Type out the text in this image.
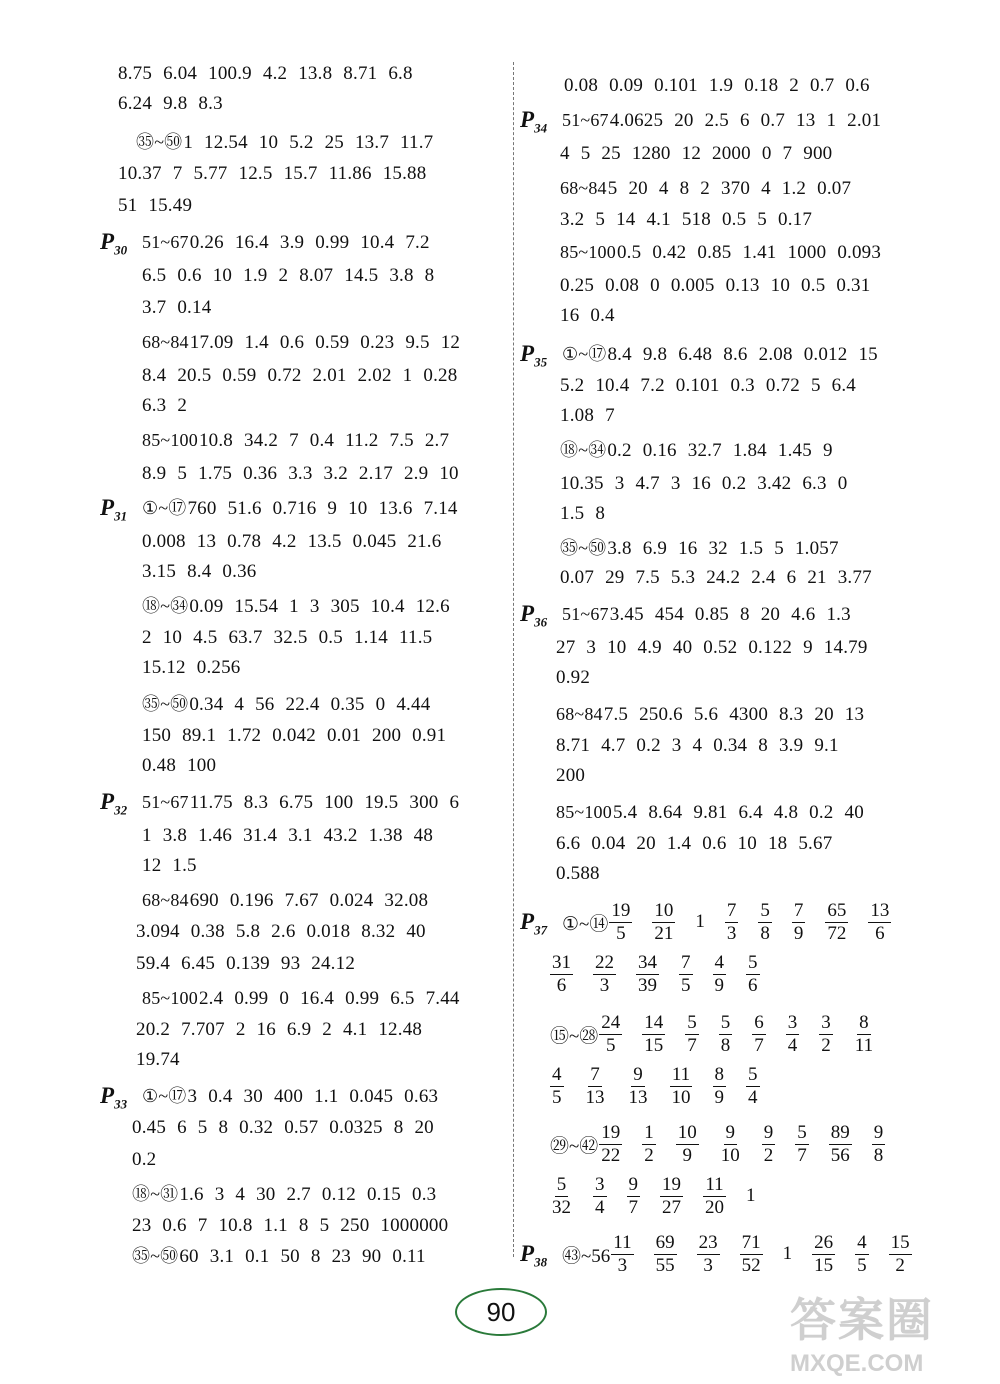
8.75 6.04 100.9 4.2 13.8 8.71 6.8
6.24 9.8 8.3
㉟~㊿1 12.54 10 5.2 25 13.7 11.7
10.37 7 5.77 12.5 15.7 11.86 15.88
51 15.49
$P_{30}$ 51~670.26 16.4 3.9 0.99 10.4 7.2
6.5 0.6 10 1.9 2 8.07 14.5 3.8 8
3.7 0.14
68~8417.09 1.4 0.6 0.59 0.23 9.5 12
8.4 20.5 0.59 0.72 2.01 2.02 1 0.28
6.3 2
85~10010.8 34.2 7 0.4 11.2 7.5 2.7
8.9 5 1.75 0.36 3.3 3.2 2.17 2.9 10
$P_{31}$ ①~⑰760 51.6 0.716 9 10 13.6 7.14
0.008 13 0.78 4.2 13.5 0.045 21.6
3.15 8.4 0.36
⑱~㉞0.09 15.54 1 3 305 10.4 12.6
2 10 4.5 63.7 32.5 0.5 1.14 11.5
15.12 0.256
㉟~㊿0.34 4 56 22.4 0.35 0 4.44
150 89.1 1.72 0.042 0.01 200 0.91
0.48 100
$P_{32}$ 51~6711.75 8.3 6.75 100 19.5 300 6
1 3.8 1.46 31.4 3.1 43.2 1.38 48
12 1.5
68~84690 0.196 7.67 0.024 32.08
3.094 0.38 5.8 2.6 0.018 8.32 40
59.4 6.45 0.139 93 24.12
85~1002.4 0.99 0 16.4 0.99 6.5 7.44
20.2 7.707 2 16 6.9 2 4.1 12.48
19.74
$P_{33}$ ①~⑰3 0.4 30 400 1.1 0.045 0.63
0.45 6 5 8 0.32 0.57 0.0325 8 20
0.2
⑱~㉛1.6 3 4 30 2.7 0.12 0.15 0.3
23 0.6 7 10.8 1.1 8 5 250 1000000
㉟~㊿60 3.1 0.1 50 8 23 90 0.11
0.08 0.09 0.101 1.9 0.18 2 0.7 0.6
$P_{34}$ 51~674.0625 20 2.5 6 0.7 13 1 2.01
4 5 25 1280 12 2000 0 7 900
68~845 20 4 8 2 370 4 1.2 0.07
3.2 5 14 4.1 518 0.5 5 0.17
85~1000.5 0.42 0.85 1.41 1000 0.093
0.25 0.08 0 0.005 0.13 10 0.5 0.31
16 0.4
$P_{35}$ ①~⑰8.4 9.8 6.48 8.6 2.08 0.012 15
5.2 10.4 7.2 0.101 0.3 0.72 5 6.4
1.08 7
⑱~㉞0.2 0.16 32.7 1.84 1.45 9
10.35 3 4.7 3 16 0.2 3.42 6.3 0
1.5 8
㉟~㊿3.8 6.9 16 32 1.5 5 1.057
0.07 29 7.5 5.3 24.2 2.4 6 21 3.77
$P_{36}$ 51~673.45 454 0.85 8 20 4.6 1.3
27 3 10 4.9 40 0.52 0.122 9 14.79
0.92
68~847.5 250.6 5.6 4300 8.3 20 13
8.71 4.7 0.2 3 4 0.34 8 3.9 9.1
200
85~1005.4 8.64 9.81 6.4 4.8 0.2 40
6.6 0.04 20 1.4 0.6 10 18 5.67
0.588
$P_{37}$ ①~⑭ $\frac{19}{5} \frac{10}{21} 1 \frac{7}{3} \frac{5}{8} \frac{7}{9} \frac{65}{72} \frac{13}{6}$
$\frac{31}{6} \frac{22}{3} \frac{34}{39} \frac{7}{5} \frac{4}{9} \frac{5}{6}$
⑮~㉘ $\frac{24}{5} \frac{14}{15} \frac{5}{7} \frac{5}{8} \frac{6}{7} \frac{3}{4} \frac{3}{2} \frac{8}{11}$
$\frac{4}{5} \frac{7}{13} \frac{9}{13} \frac{11}{10} \frac{8}{9} \frac{5}{4}$
㉙~㊷ $\frac{19}{22} \frac{1}{2} \frac{10}{9} \frac{9}{10} \frac{9}{2} \frac{5}{7} \frac{89}{56} \frac{9}{8}$
$\frac{5}{32} \frac{3}{4} \frac{9}{7} \frac{19}{27} \frac{11}{20} 1$
$P_{38}$ ㊸~56 $\frac{11}{3} \frac{69}{55} \frac{23}{3} \frac{71}{52} 1 \frac{26}{15} \frac{4}{5} \frac{15}{2}$
90	答案圈
MXQE.COM
